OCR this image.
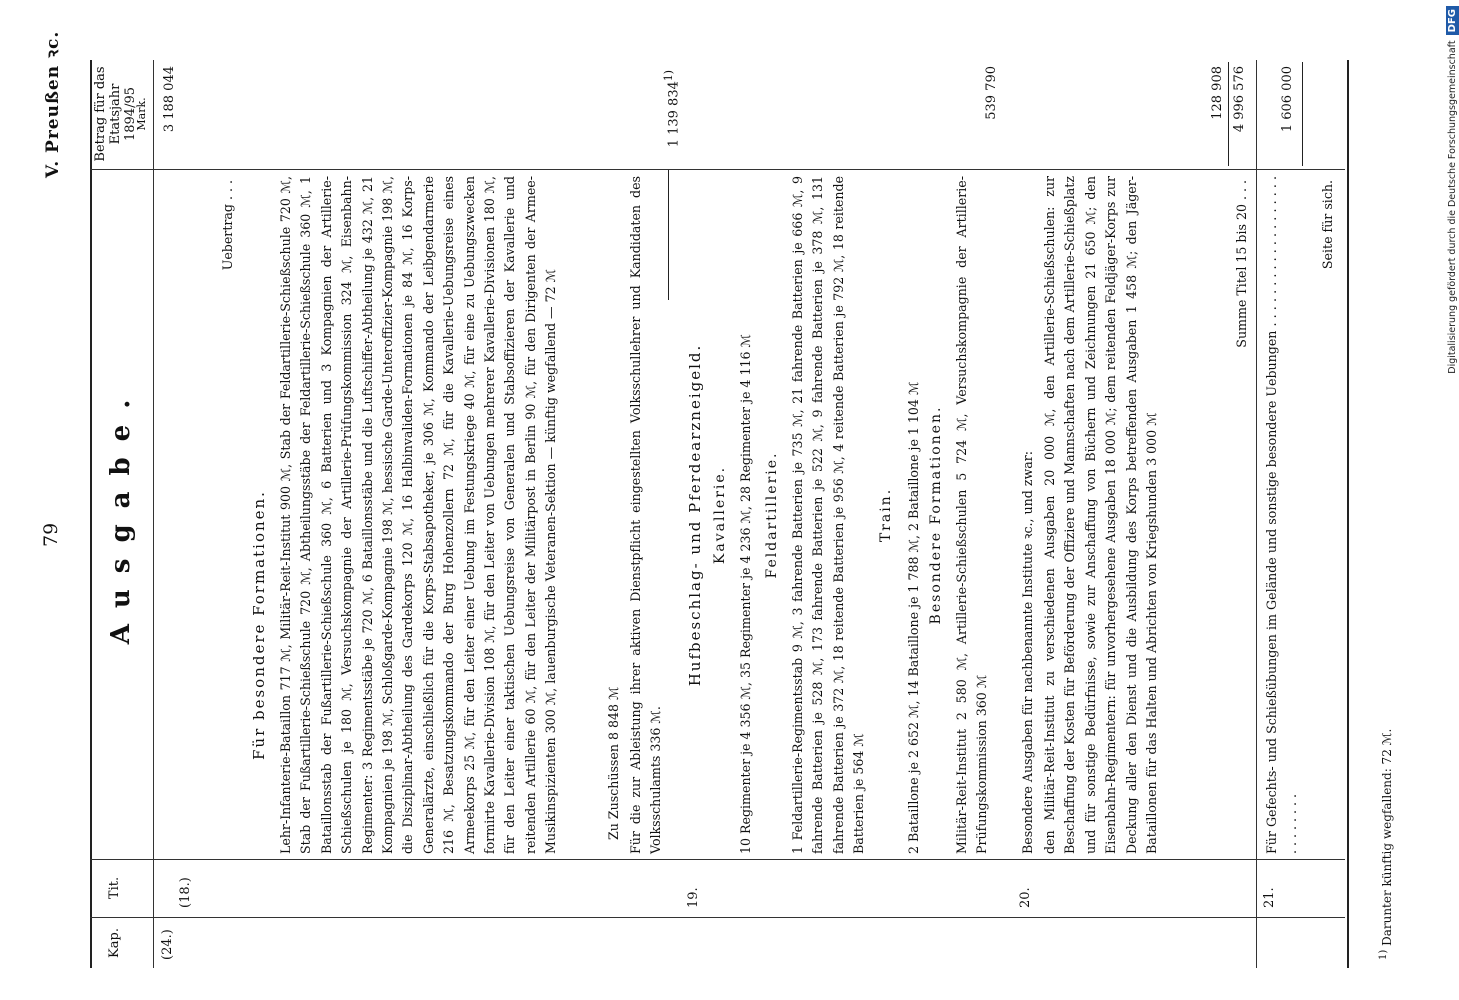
79
V. Preußen ꝛc.
Kap.
Tit.
Ausgabe.
Betrag für das Etatsjahr 1894/95
Mark.
(24.)
(18.)
Uebertrag . . .
3 188 044
Für besondere Formationen. Lehr-Infanterie-Bataillon 717 ℳ, Militär-Reit-Institut 900 ℳ, Stab der Feldartillerie-Schießschule 720 ℳ, Stab der Fußartillerie-Schießschule 720 ℳ, Abtheilungsstäbe der Feldartillerie-Schießschule 360 ℳ, 1 Bataillonsstab der Fußartillerie-Schießschule 360 ℳ, 6 Batterien und 3 Kompagnien der Artillerie-Schießschulen je 180 ℳ, Versuchskompagnie der Artillerie-Prüfungskommission 324 ℳ, Eisenbahn-Regimenter: 3 Regimentsstäbe je 720 ℳ, 6 Bataillonsstäbe und die Luftschiffer-Abtheilung je 432 ℳ, 21 Kompagnien je 198 ℳ, Schloßgarde-Kompagnie 198 ℳ, hessische Garde-Unteroffizier-Kompagnie 198 ℳ, die Disziplinar-Abtheilung des Gardekorps 120 ℳ, 16 Halbinvaliden-Formationen je 84 ℳ, 16 Korps-Generalärzte, einschließlich für die Korps-Stabsapotheker, je 306 ℳ, Kommando der Leibgendarmerie 216 ℳ, Besatzungskommando der Burg Hohenzollern 72 ℳ, für die Kavallerie-Uebungsreise eines Armeekorps 25 ℳ, für den Leiter einer Uebung im Festungskriege 40 ℳ, für eine zu Uebungszwecken formirte Kavallerie-Division 108 ℳ, für den Leiter von Uebungen mehrerer Kavallerie-Divisionen 180 ℳ, für den Leiter einer taktischen Uebungsreise von Generalen und Stabsoffizieren der Kavallerie und reitenden Artillerie 60 ℳ, für den Leiter der Militärpost in Berlin 90 ℳ, für den Dirigenten der Armee-Musikinspizienten 300 ℳ, lauenburgische Veteranen-Sektion — künftig wegfallend — 72 ℳ	Zu Zuschüssen 8 848 ℳ Für die zur Ableistung ihrer aktiven Dienstpflicht eingestellten Volksschullehrer und Kandidaten des Volksschulamts 336 ℳ.
1 139 834$^{1)}$
19.
Hufbeschlag- und Pferdearzneigeld. Kavallerie. 10 Regimenter je 4 356 ℳ, 35 Regimenter je 4 236 ℳ, 28 Regimenter je 4 116 ℳ Feldartillerie. 1 Feldartillerie-Regimentsstab 9 ℳ, 3 fahrende Batterien je 735 ℳ, 21 fahrende Batterien je 666 ℳ, 9 fahrende Batterien je 528 ℳ, 173 fahrende Batterien je 522 ℳ, 9 fahrende Batterien je 378 ℳ, 131 fahrende Batterien je 372 ℳ, 18 reitende Batterien je 956 ℳ, 4 reitende Batterien je 792 ℳ, 18 reitende Batterien je 564 ℳ
Train. 2 Bataillone je 2 652 ℳ, 14 Bataillone je 1 788 ℳ, 2 Bataillone je 1 104 ℳ Besondere Formationen. Militär-Reit-Institut 2 580 ℳ, Artillerie-Schießschulen 5 724 ℳ, Versuchskompagnie der Artillerie-Prüfungskommission 360 ℳ
539 790
20.
Besondere Ausgaben für nachbenannte Institute ꝛc., und zwar: den Militär-Reit-Institut zu verschiedenen Ausgaben 20 000 ℳ, den Artillerie-Schießschulen: zur Beschaffung der Kosten für Beförderung der Offiziere und Mannschaften nach dem Artillerie-Schießplatz und für sonstige Bedürfnisse, sowie zur Anschaffung von Büchern und Zeichnungen 21 650 ℳ; den Eisenbahn-Regimentern: für unvorhergesehene Ausgaben 18 000 ℳ; dem reitenden Feldjäger-Korps zur Deckung aller den Dienst und die Ausbildung des Korps betreffenden Ausgaben 1 458 ℳ; den Jäger-Bataillonen für das Halten und Abrichten von Kriegshunden 3 000 ℳ
128 908
Summe Titel 15 bis 20 . . .
4 996 576
21.
Für Gefechts- und Schießübungen im Gelände und sonstige besondere Uebungen . . . . . . . . . . . . . . . . . . . . . . . . . . .
1 606 000
Seite für sich.
$^{1)}$ Darunter künftig wegfallend: 72 ℳ.
Digitalisierung gefördert durch die Deutsche Forschungsgemeinschaft DFG
